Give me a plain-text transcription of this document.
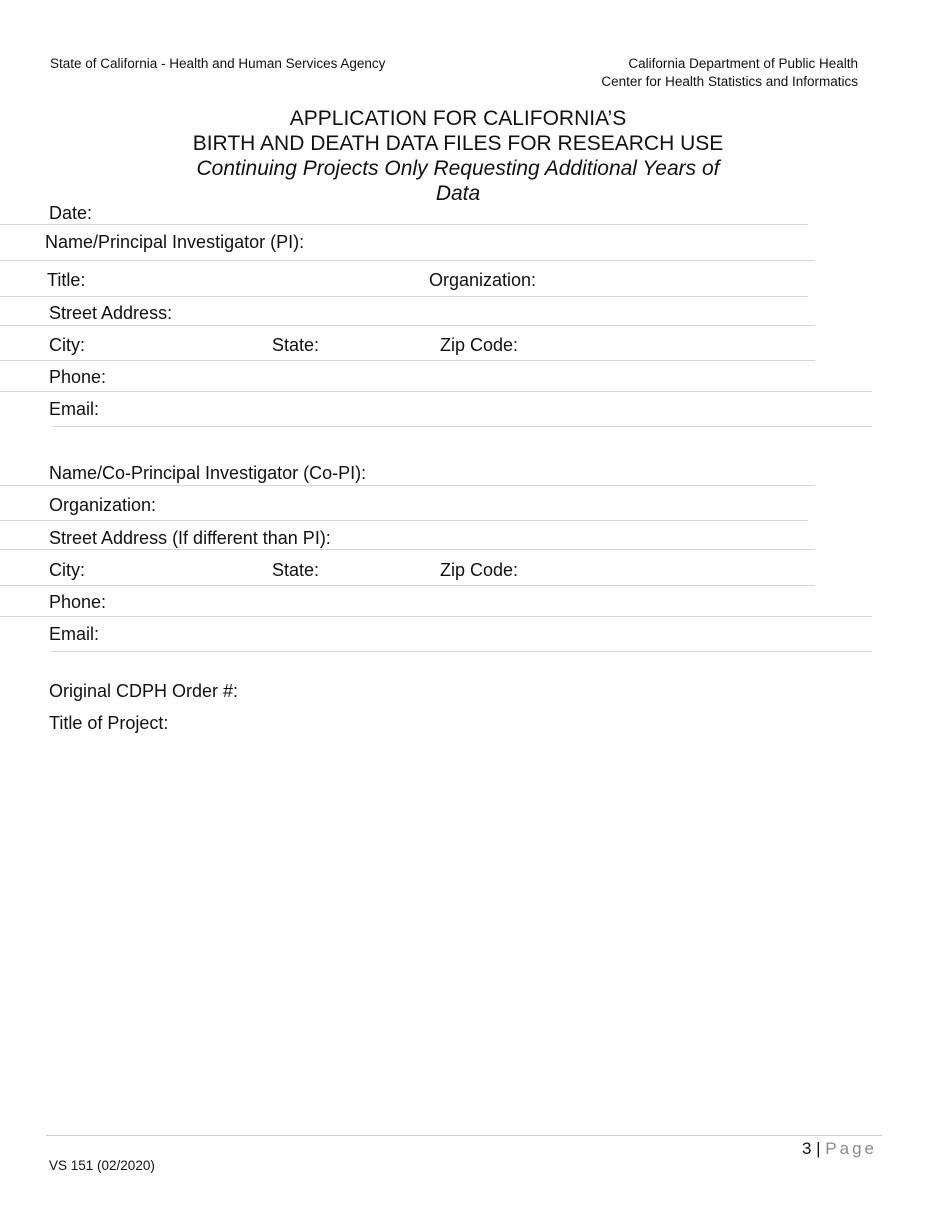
State of California - Health and Human Services Agency	California Department of Public Health
Center for Health Statistics and Informatics
APPLICATION FOR CALIFORNIA’S
BIRTH AND DEATH DATA FILES FOR RESEARCH USE
Continuing Projects Only Requesting Additional Years of
Data
Date:
Name/Principal Investigator (PI):
Title:	Organization:
Street Address:
City:	State:	Zip Code:
Phone:
Email:
Name/Co-Principal Investigator (Co-PI):
Organization:
Street Address (If different than PI):
City:	State:	Zip Code:
Phone:
Email:
Original CDPH Order #:
Title of Project:
3 | Page
VS 151 (02/2020)
